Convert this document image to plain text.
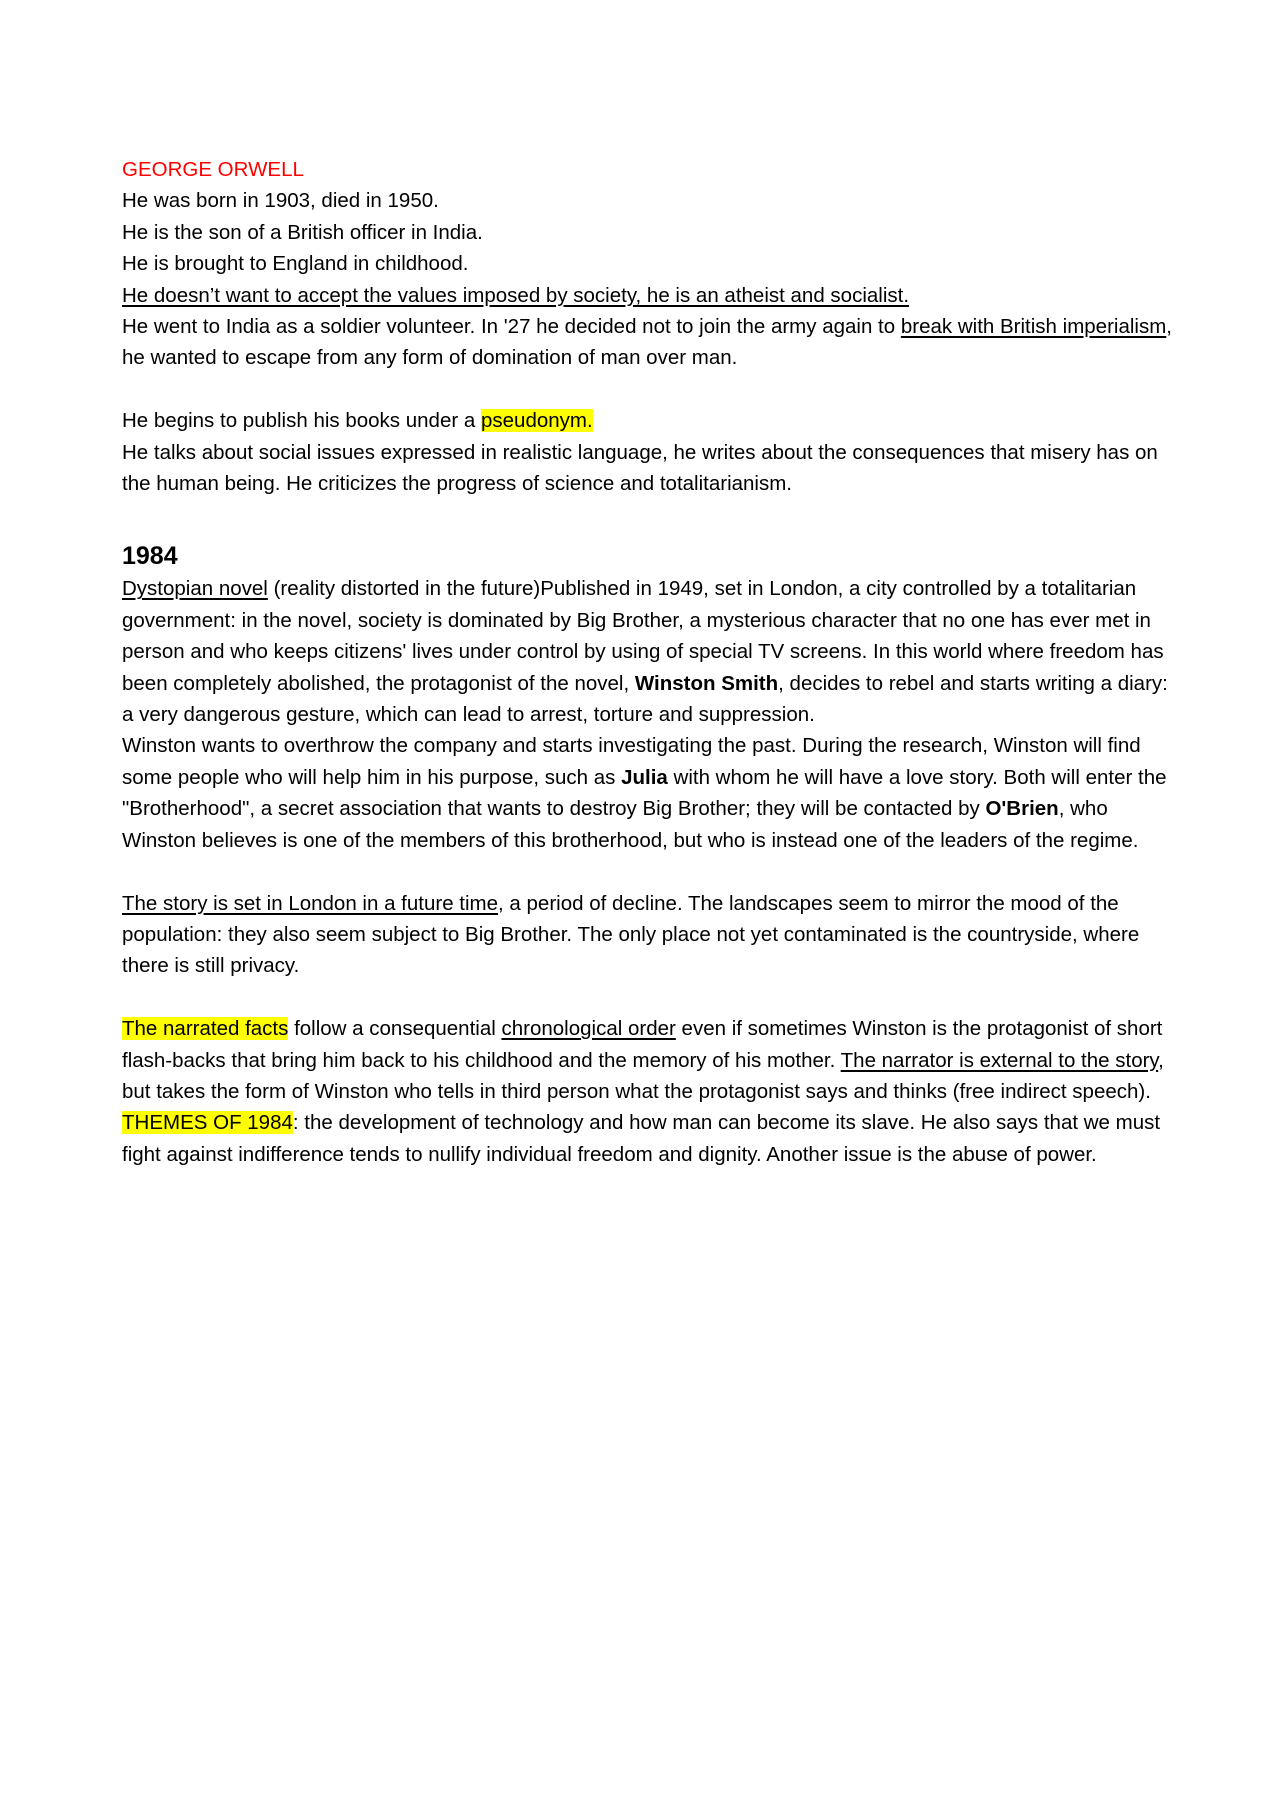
GEORGE ORWELL

He was born in 1903, died in 1950.

He is the son of a British officer in India.

He is brought to England in childhood.

He doesn’t want to accept the values imposed by society, he is an atheist and socialist.

He went to India as a soldier volunteer. In '27 he decided not to join the army again to break with British imperialism, he wanted to escape from any form of domination of man over man.

He begins to publish his books under a pseudonym.

He talks about social issues expressed in realistic language, he writes about the consequences that misery has on the human being. He criticizes the progress of science and totalitarianism.

1984

Dystopian novel (reality distorted in the future)Published in 1949, set in London, a city controlled by a totalitarian government: in the novel, society is dominated by Big Brother, a mysterious character that no one has ever met in person and who keeps citizens' lives under control by using of special TV screens. In this world where freedom has been completely abolished, the protagonist of the novel, Winston Smith, decides to rebel and starts writing a diary: a very dangerous gesture, which can lead to arrest, torture and suppression.

Winston wants to overthrow the company and starts investigating the past. During the research, Winston will find some people who will help him in his purpose, such as Julia with whom he will have a love story. Both will enter the "Brotherhood", a secret association that wants to destroy Big Brother; they will be contacted by O'Brien, who Winston believes is one of the members of this brotherhood, but who is instead one of the leaders of the regime.

The story is set in London in a future time, a period of decline. The landscapes seem to mirror the mood of the population: they also seem subject to Big Brother. The only place not yet contaminated is the countryside, where there is still privacy.

The narrated facts follow a consequential chronological order even if sometimes Winston is the protagonist of short flash-backs that bring him back to his childhood and the memory of his mother. The narrator is external to the story, but takes the form of Winston who tells in third person what the protagonist says and thinks (free indirect speech).

THEMES OF 1984: the development of technology and how man can become its slave. He also says that we must fight against indifference tends to nullify individual freedom and dignity. Another issue is the abuse of power.
